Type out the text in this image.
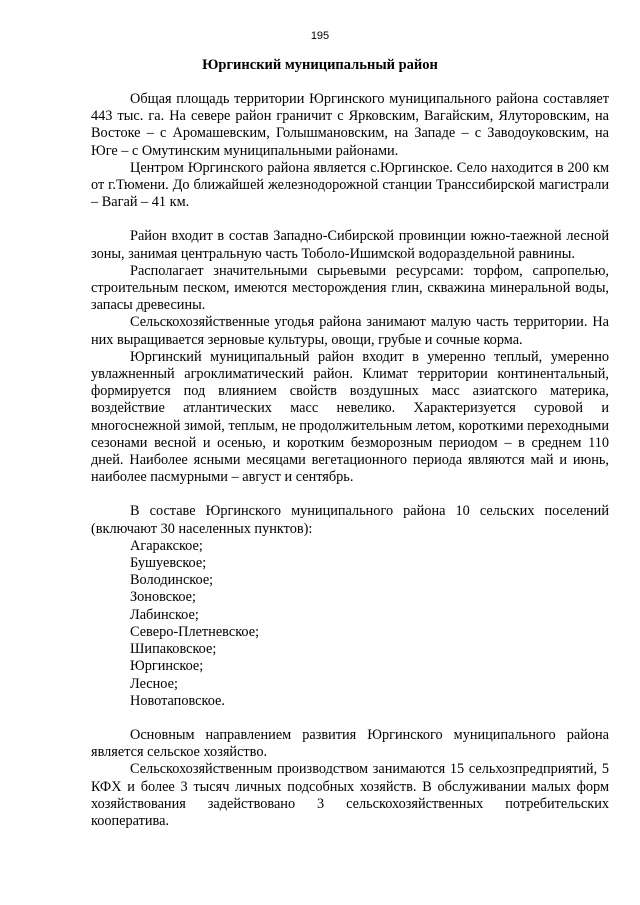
195
Юргинский муниципальный район

Общая площадь территории Юргинского муниципального района составляет 443 тыс. га. На севере район граничит с Ярковским, Вагайским, Ялуторовским, на Востоке – с Аромашевским, Голышмановским, на Западе – с Заводоуковским, на Юге – с Омутинским муниципальными районами.

Центром Юргинского района является с.Юргинское. Село находится в 200 км от г.Тюмени. До ближайшей железнодорожной станции Транссибирской магистрали – Вагай – 41 км.

Район входит в состав Западно-Сибирской провинции южно-таежной лесной зоны, занимая центральную часть Тоболо-Ишимской водораздельной равнины.

Располагает значительными сырьевыми ресурсами: торфом, сапропелью, строительным песком, имеются месторождения глин, скважина минеральной воды, запасы древесины.

Сельскохозяйственные угодья района занимают малую часть территории. На них выращивается зерновые культуры, овощи, грубые и сочные корма.

Юргинский муниципальный район входит в умеренно теплый, умеренно увлажненный агроклиматический район. Климат территории континентальный, формируется под влиянием свойств воздушных масс азиатского материка, воздействие атлантических масс невелико. Характеризуется суровой и многоснежной зимой, теплым, не продолжительным летом, короткими переходными сезонами весной и осенью, и коротким безморозным периодом – в среднем 110 дней. Наиболее ясными месяцами вегетационного периода являются май и июнь, наиболее пасмурными – август и сентябрь.

В составе Юргинского муниципального района 10 сельских поселений (включают 30 населенных пунктов):

Агаракское;
Бушуевское;
Володинское;
Зоновское;
Лабинское;
Северо-Плетневское;
Шипаковское;
Юргинское;
Лесное;
Новотаповское.

Основным направлением развития Юргинского муниципального района является сельское хозяйство.

Сельскохозяйственным производством занимаются 15 сельхозпредприятий, 5 КФХ и более 3 тысяч личных подсобных хозяйств. В обслуживании малых форм хозяйствования задействовано 3 сельскохозяйственных потребительских кооператива.
